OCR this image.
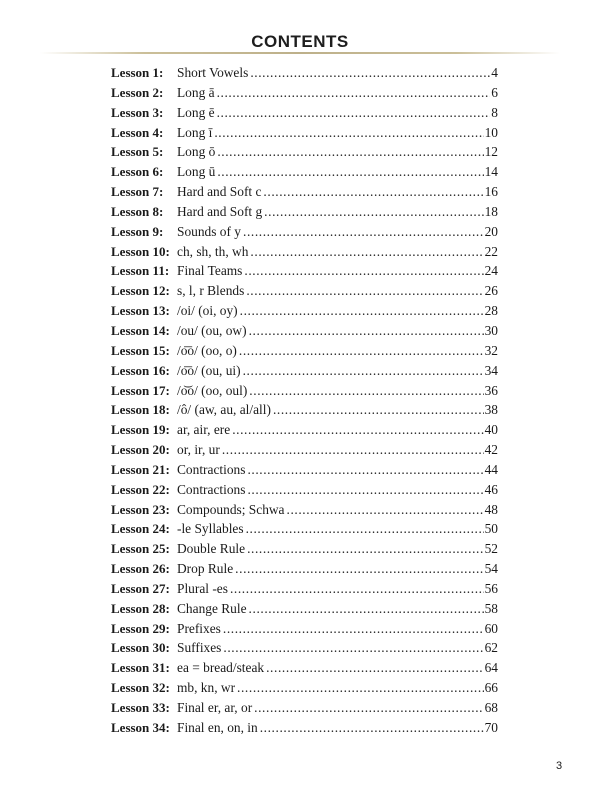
CONTENTS
Lesson 1:	Short Vowels .....	4
Lesson 2:	Long ā .....	6
Lesson 3:	Long ē .....	8
Lesson 4:	Long ī .....	10
Lesson 5:	Long ō .....	12
Lesson 6:	Long ū .....	14
Lesson 7:	Hard and Soft c .....	16
Lesson 8:	Hard and Soft g .....	18
Lesson 9:	Sounds of y .....	20
Lesson 10: ch, sh, th, wh .....	22
Lesson 11: Final Teams .....	24
Lesson 12: s, l, r Blends .....	26
Lesson 13: /oi/ (oi, oy) .....	28
Lesson 14: /ou/ (ou, ow) .....	30
Lesson 15: /o͞o/ (oo, o) .....	32
Lesson 16: /o͞o/ (ou, ui) .....	34
Lesson 17: /o͝o/ (oo, oul) .....	36
Lesson 18: /ô/ (aw, au, al/all) .....	38
Lesson 19: ar, air, ere .....	40
Lesson 20: or, ir, ur .....	42
Lesson 21: Contractions .....	44
Lesson 22: Contractions .....	46
Lesson 23: Compounds; Schwa .....	48
Lesson 24: -le Syllables .....	50
Lesson 25: Double Rule .....	52
Lesson 26: Drop Rule .....	54
Lesson 27: Plural -es .....	56
Lesson 28: Change Rule .....	58
Lesson 29: Prefixes .....	60
Lesson 30: Suffixes .....	62
Lesson 31: ea = bread/steak .....	64
Lesson 32: mb, kn, wr .....	66
Lesson 33: Final er, ar, or .....	68
Lesson 34: Final en, on, in .....	70
3
